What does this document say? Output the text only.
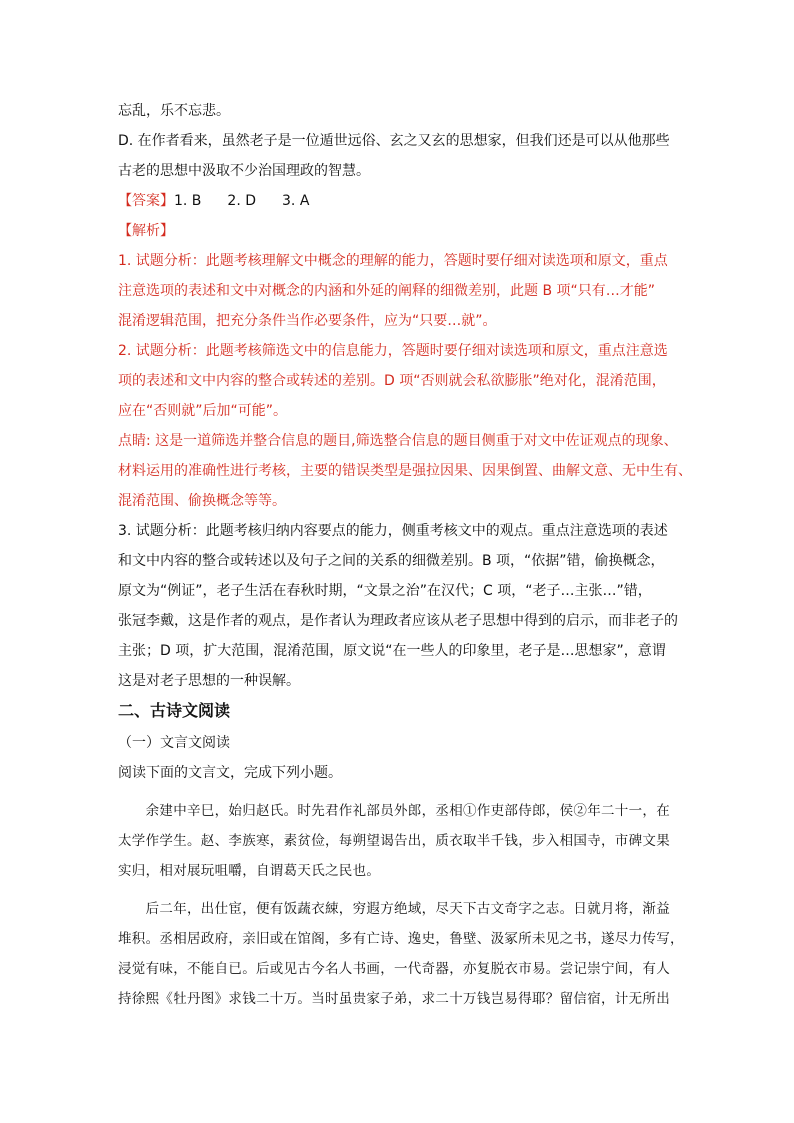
忘乱，乐不忘悲。
D. 在作者看来，虽然老子是一位遁世远俗、玄之又玄的思想家，但我们还是可以从他那些
古老的思想中汲取不少治国理政的智慧。
【答案】1. B 2. D 3. A
【解析】
1. 试题分析：此题考核理解文中概念的理解的能力，答题时要仔细对读选项和原文，重点
注意选项的表述和文中对概念的内涵和外延的阐释的细微差别，此题 B 项“只有…才能”
混淆逻辑范围，把充分条件当作必要条件，应为“只要…就”。
2. 试题分析：此题考核筛选文中的信息能力，答题时要仔细对读选项和原文，重点注意选
项的表述和文中内容的整合或转述的差别。D 项“否则就会私欲膨胀”绝对化，混淆范围，
应在“否则就”后加“可能”。
点睛: 这是一道筛选并整合信息的题目,筛选整合信息的题目侧重于对文中佐证观点的现象、
材料运用的准确性进行考核，主要的错误类型是强拉因果、因果倒置、曲解文意、无中生有、
混淆范围、偷换概念等等。
3. 试题分析：此题考核归纳内容要点的能力，侧重考核文中的观点。重点注意选项的表述
和文中内容的整合或转述以及句子之间的关系的细微差别。B 项，“依据”错，偷换概念，
原文为“例证”，老子生活在春秋时期，“文景之治”在汉代；C 项，“老子…主张…”错，
张冠李戴，这是作者的观点，是作者认为理政者应该从老子思想中得到的启示，而非老子的
主张；D 项，扩大范围，混淆范围，原文说“在一些人的印象里，老子是…思想家”，意谓
这是对老子思想的一种误解。
二、古诗文阅读
（一）文言文阅读
阅读下面的文言文，完成下列小题。
　　余建中辛巳，始归赵氏。时先君作礼部员外郎，丞相①作吏部侍郎，侯②年二十一，在
太学作学生。赵、李族寒，素贫俭，每朔望谒告出，质衣取半千钱，步入相国寺，市碑文果
实归，相对展玩咀嚼，自谓葛天氏之民也。
　　后二年，出仕宦，便有饭蔬衣綀，穷遐方绝域，尽天下古文奇字之志。日就月将，渐益
堆积。丞相居政府，亲旧或在馆阁，多有亡诗、逸史，鲁壁、汲冢所未见之书，遂尽力传写，
浸觉有味，不能自已。后或见古今名人书画，一代奇器，亦复脱衣市易。尝记崇宁间，有人
持徐熙《牡丹图》求钱二十万。当时虽贵家子弟，求二十万钱岂易得耶？留信宿，计无所出
